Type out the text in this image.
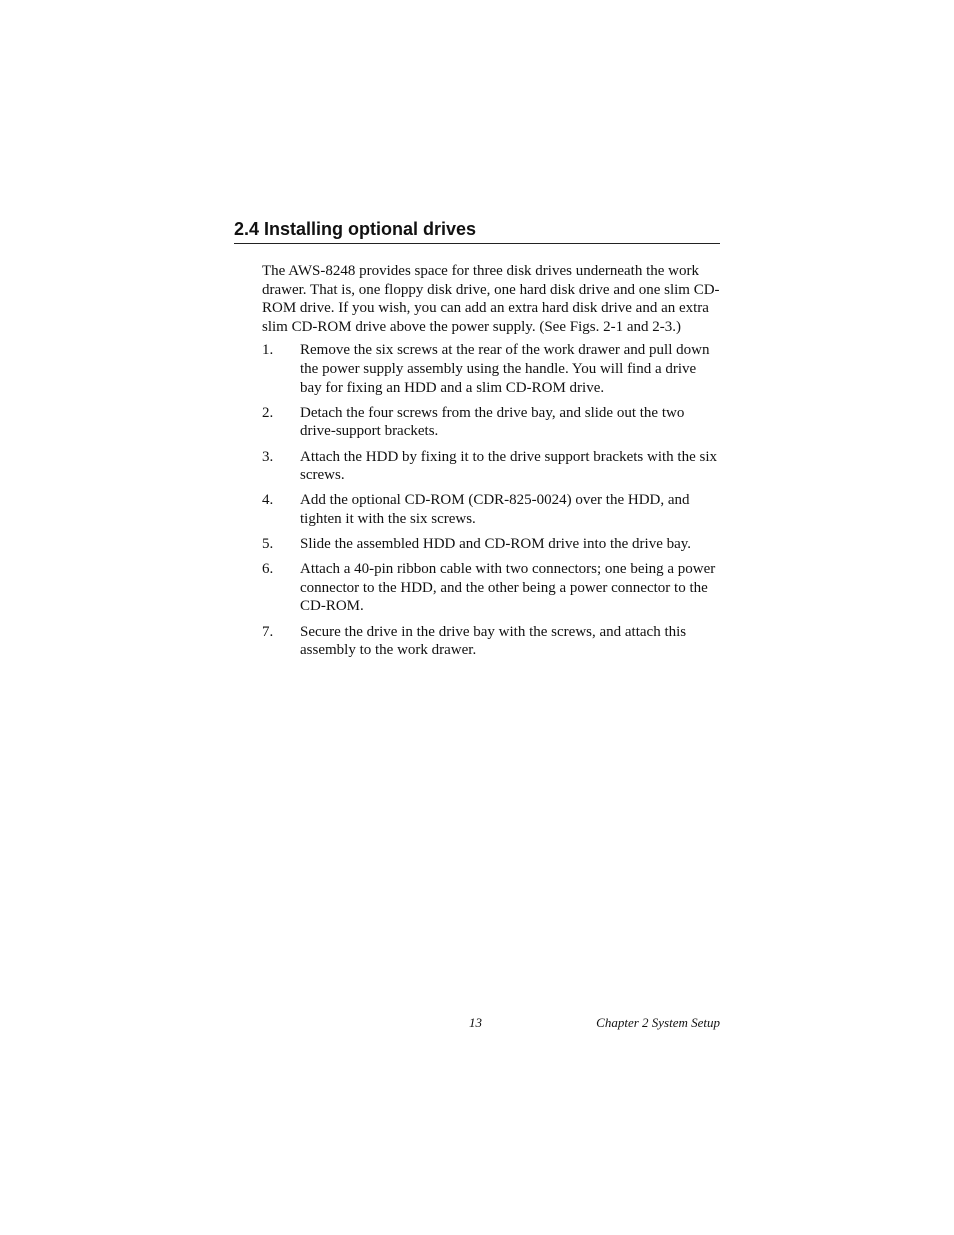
2.4 Installing optional drives

The AWS-8248 provides space for three disk drives underneath the work drawer. That is, one floppy disk drive, one hard disk drive and one slim CD-ROM drive. If you wish, you can add an extra hard disk drive and an extra slim CD-ROM drive above the power supply. (See Figs. 2-1 and 2-3.)

1.	Remove the six screws at the rear of the work drawer and pull down the power supply assembly using the handle. You will find a drive bay for fixing an HDD and a slim CD-ROM drive.
2.	Detach the four screws from the drive bay, and slide out the two drive-support brackets.
3.	Attach the HDD by fixing it to the drive support brackets with the six screws.
4.	Add the optional CD-ROM (CDR-825-0024) over the HDD, and tighten it with the six screws.
5.	Slide the assembled HDD and CD-ROM drive into the drive bay.
6.	Attach a 40-pin ribbon cable with two connectors; one being a power connector to the HDD, and the other being a power connector to the CD-ROM.
7.	Secure the drive in the drive bay with the screws, and attach this assembly to the work drawer.
13	Chapter 2 System Setup
